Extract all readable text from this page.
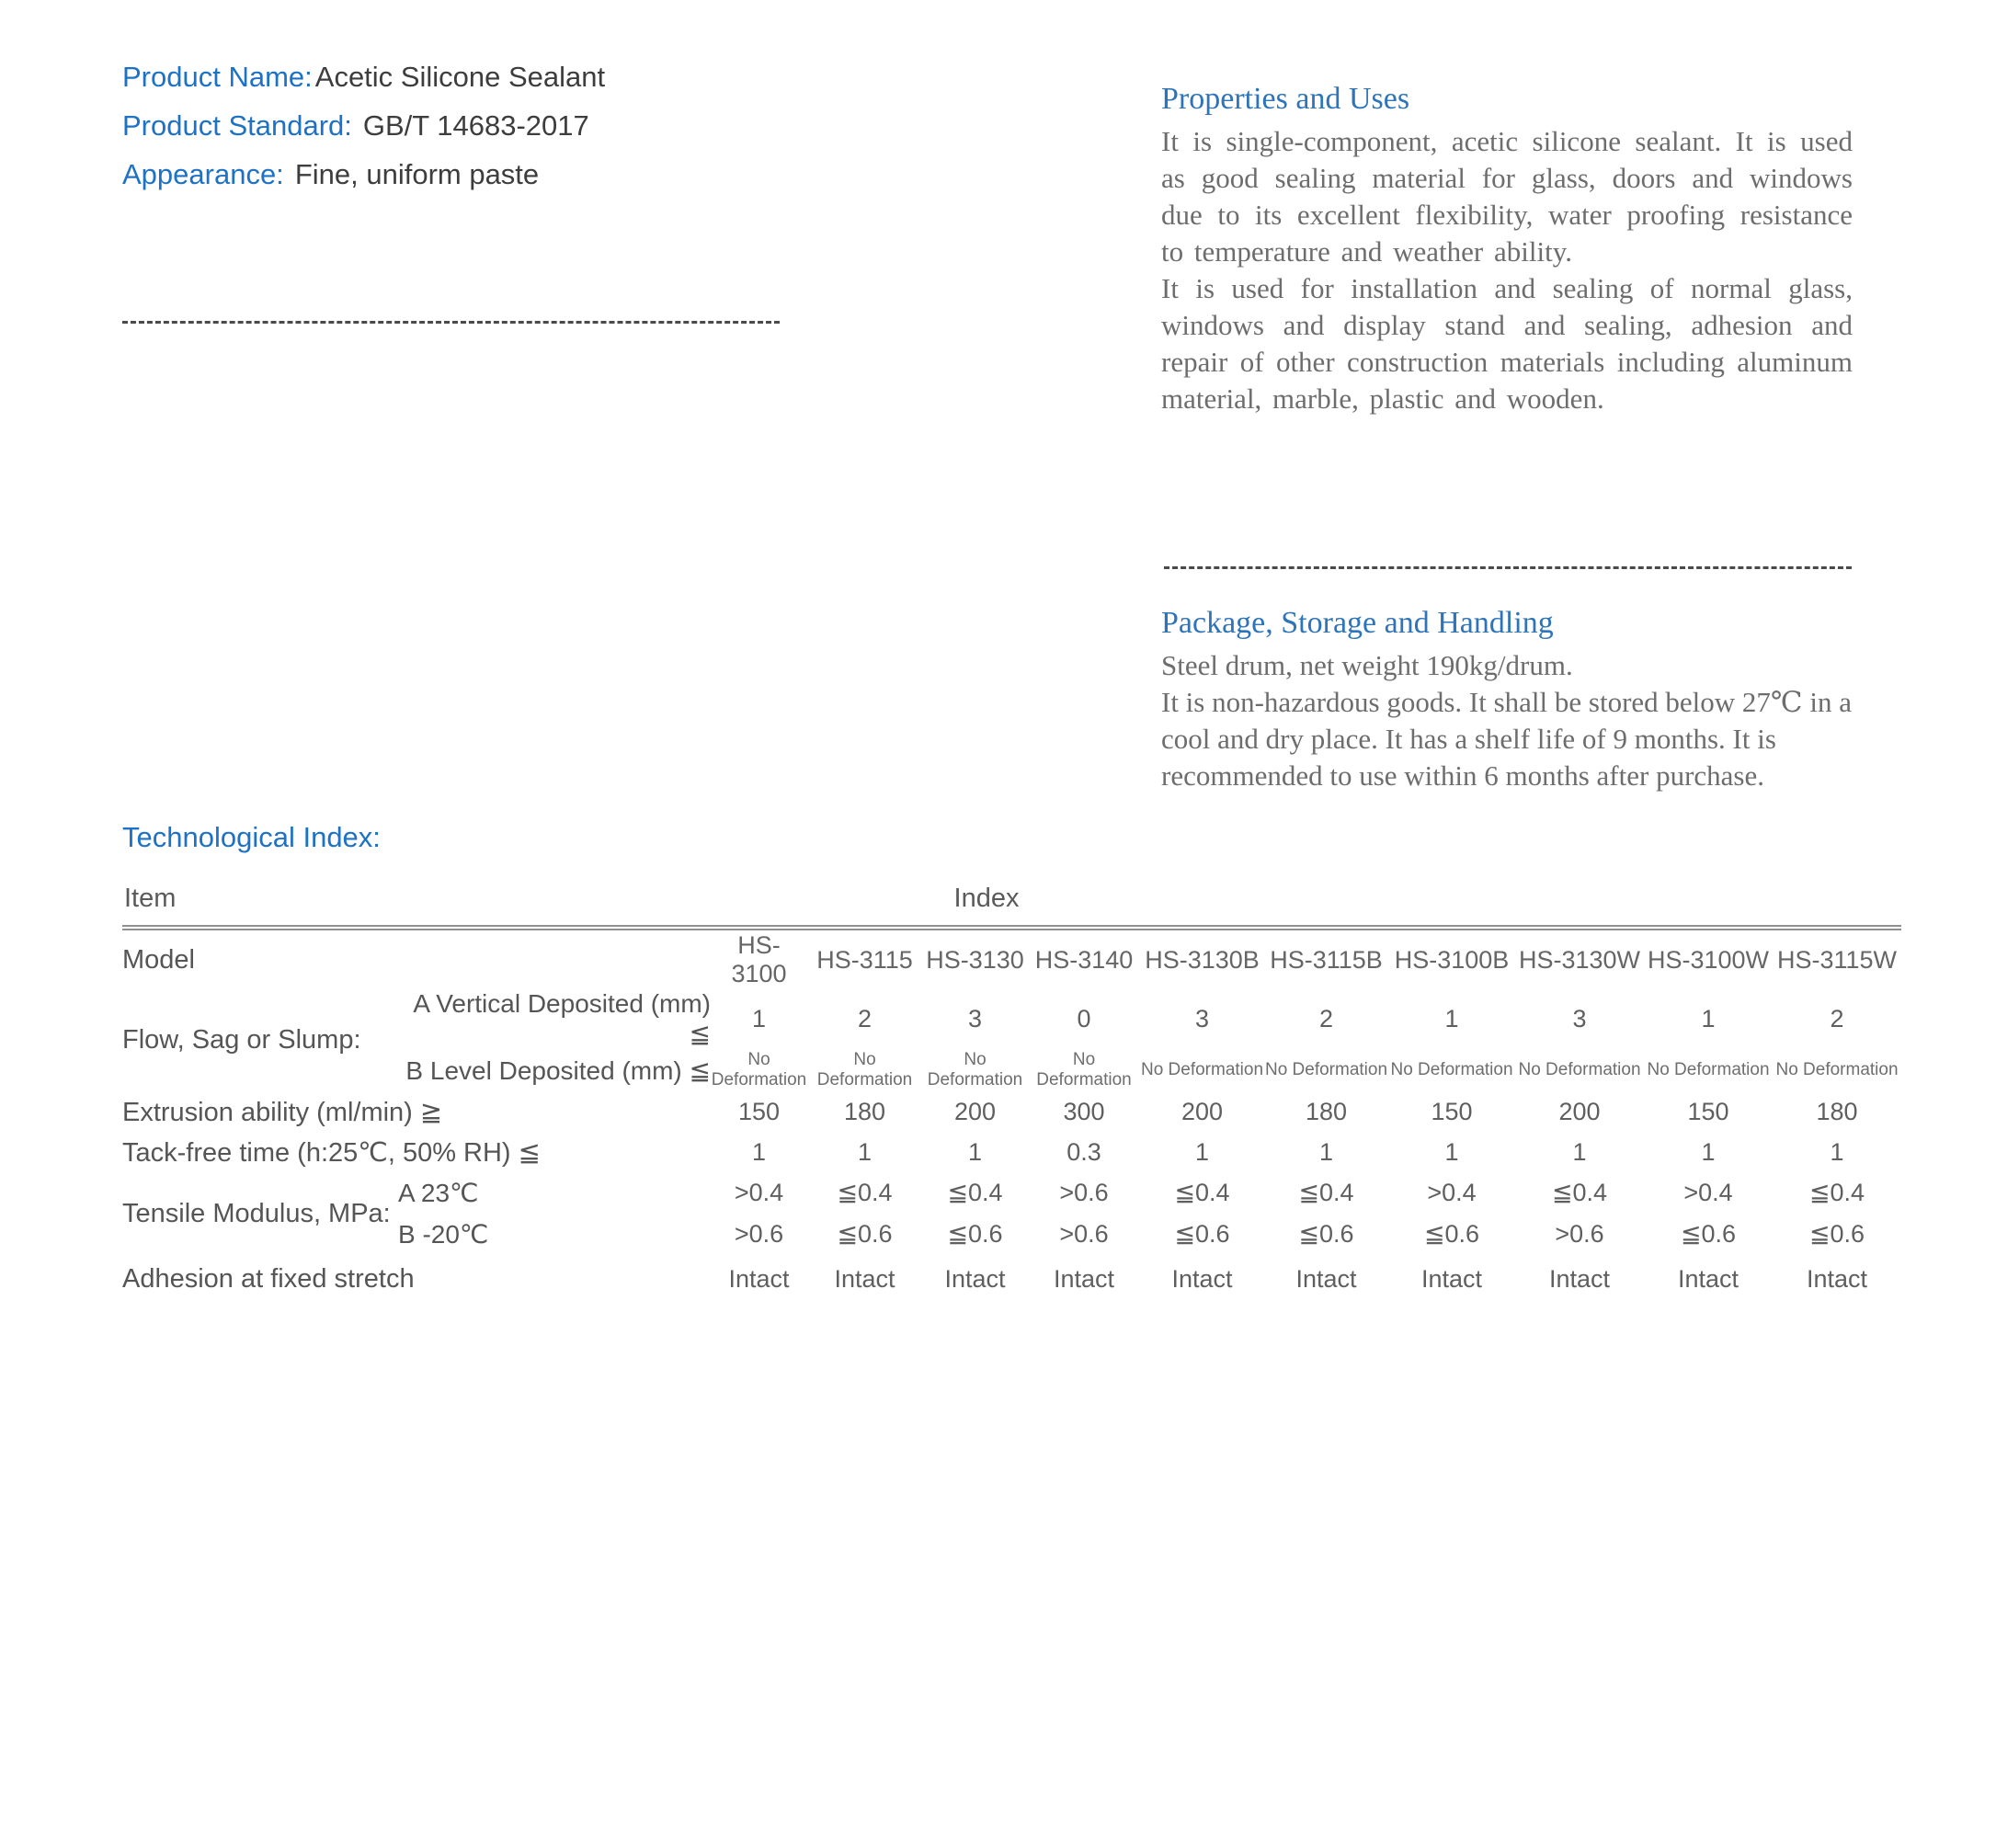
Product Name:Acetic Silicone Sealant
Product Standard: GB/T 14683-2017
Appearance: Fine, uniform paste
Properties and Uses

It is single-component, acetic silicone sealant. It is used as good sealing material for glass, doors and windows due to its excellent flexibility, water proofing resistance to temperature and weather ability.

It is used for installation and sealing of normal glass, windows and display stand and sealing, adhesion and repair of other construction materials including aluminum material, marble, plastic and wooden.

Package, Storage and Handling

Steel drum, net weight 190kg/drum.

It is non-hazardous goods. It shall be stored below 27℃ in a cool and dry place. It has a shelf life of 9 months. It is recommended to use within 6 months after purchase.

Technological Index:
Item Index											

Model		HS-3100	HS-3115	HS-3130	HS-3140	HS-3130B	HS-3115B	HS-3100B	HS-3130W	HS-3100W	HS-3115W
Flow, Sag or Slump:	A Vertical Deposited (mm) ≦	1	2	3	0	3	2	1	3	1	2
	B Level Deposited (mm) ≦	No Deformation	No Deformation	No Deformation	No Deformation	No Deformation	No Deformation	No Deformation	No Deformation	No Deformation	No Deformation
Extrusion ability (ml/min) ≧		150	180	200	300	200	180	150	200	150	180
Tack-free time (h:25℃, 50% RH) ≦		1	1	1	0.3	1	1	1	1	1	1
Tensile Modulus, MPa:	A 23℃	>0.4	≦0.4	≦0.4	>0.6	≦0.4	≦0.4	>0.4	≦0.4	>0.4	≦0.4
	B -20℃	>0.6	≦0.6	≦0.6	>0.6	≦0.6	≦0.6	≦0.6	>0.6	≦0.6	≦0.6
Adhesion at fixed stretch		Intact	Intact	Intact	Intact	Intact	Intact	Intact	Intact	Intact	Intact
